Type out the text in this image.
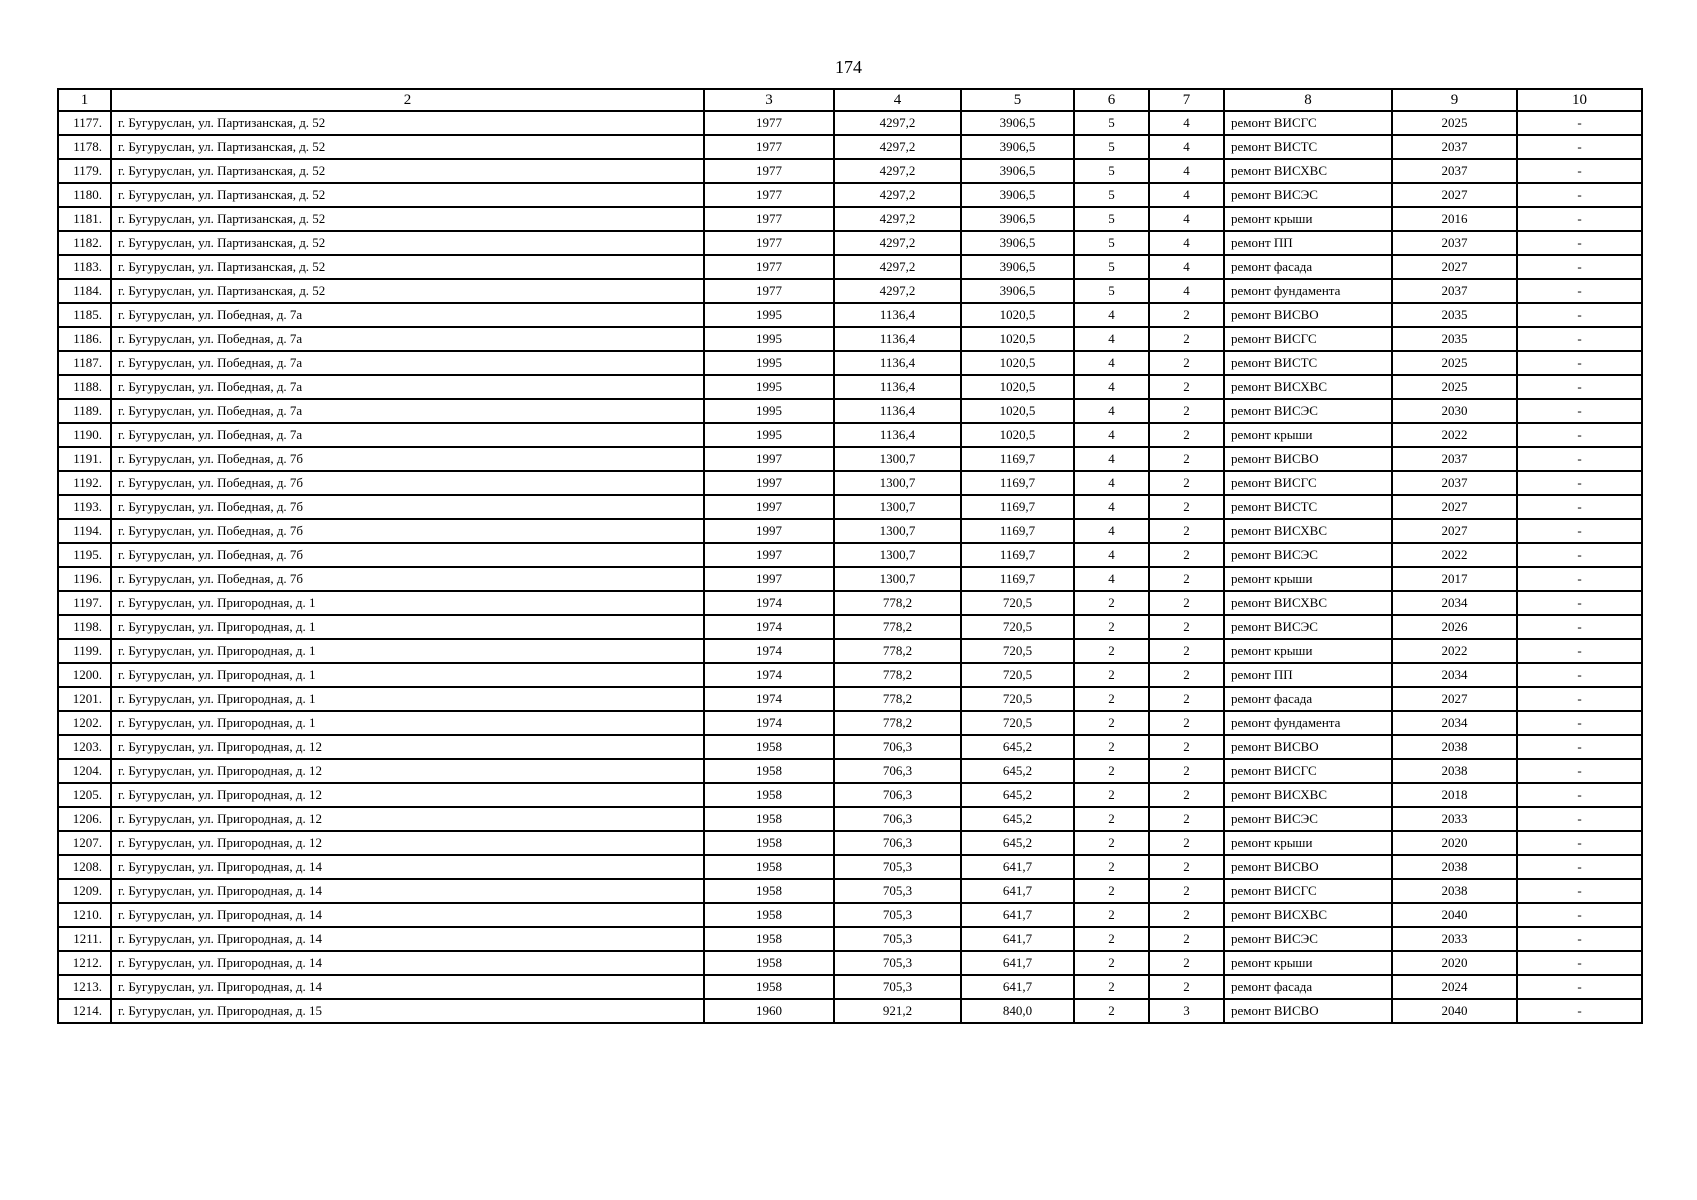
174
1	2	3	4	5	6	7	8	9	10
1177.	г. Бугуруслан, ул. Партизанская, д. 52	1977	4297,2	3906,5	5	4	ремонт ВИСГС	2025	-
1178.	г. Бугуруслан, ул. Партизанская, д. 52	1977	4297,2	3906,5	5	4	ремонт ВИСТС	2037	-
1179.	г. Бугуруслан, ул. Партизанская, д. 52	1977	4297,2	3906,5	5	4	ремонт ВИСХВС	2037	-
1180.	г. Бугуруслан, ул. Партизанская, д. 52	1977	4297,2	3906,5	5	4	ремонт ВИСЭС	2027	-
1181.	г. Бугуруслан, ул. Партизанская, д. 52	1977	4297,2	3906,5	5	4	ремонт крыши	2016	-
1182.	г. Бугуруслан, ул. Партизанская, д. 52	1977	4297,2	3906,5	5	4	ремонт ПП	2037	-
1183.	г. Бугуруслан, ул. Партизанская, д. 52	1977	4297,2	3906,5	5	4	ремонт фасада	2027	-
1184.	г. Бугуруслан, ул. Партизанская, д. 52	1977	4297,2	3906,5	5	4	ремонт фундамента	2037	-
1185.	г. Бугуруслан, ул. Победная, д. 7а	1995	1136,4	1020,5	4	2	ремонт ВИСВО	2035	-
1186.	г. Бугуруслан, ул. Победная, д. 7а	1995	1136,4	1020,5	4	2	ремонт ВИСГС	2035	-
1187.	г. Бугуруслан, ул. Победная, д. 7а	1995	1136,4	1020,5	4	2	ремонт ВИСТС	2025	-
1188.	г. Бугуруслан, ул. Победная, д. 7а	1995	1136,4	1020,5	4	2	ремонт ВИСХВС	2025	-
1189.	г. Бугуруслан, ул. Победная, д. 7а	1995	1136,4	1020,5	4	2	ремонт ВИСЭС	2030	-
1190.	г. Бугуруслан, ул. Победная, д. 7а	1995	1136,4	1020,5	4	2	ремонт крыши	2022	-
1191.	г. Бугуруслан, ул. Победная, д. 7б	1997	1300,7	1169,7	4	2	ремонт ВИСВО	2037	-
1192.	г. Бугуруслан, ул. Победная, д. 7б	1997	1300,7	1169,7	4	2	ремонт ВИСГС	2037	-
1193.	г. Бугуруслан, ул. Победная, д. 7б	1997	1300,7	1169,7	4	2	ремонт ВИСТС	2027	-
1194.	г. Бугуруслан, ул. Победная, д. 7б	1997	1300,7	1169,7	4	2	ремонт ВИСХВС	2027	-
1195.	г. Бугуруслан, ул. Победная, д. 7б	1997	1300,7	1169,7	4	2	ремонт ВИСЭС	2022	-
1196.	г. Бугуруслан, ул. Победная, д. 7б	1997	1300,7	1169,7	4	2	ремонт крыши	2017	-
1197.	г. Бугуруслан, ул. Пригородная, д. 1	1974	778,2	720,5	2	2	ремонт ВИСХВС	2034	-
1198.	г. Бугуруслан, ул. Пригородная, д. 1	1974	778,2	720,5	2	2	ремонт ВИСЭС	2026	-
1199.	г. Бугуруслан, ул. Пригородная, д. 1	1974	778,2	720,5	2	2	ремонт крыши	2022	-
1200.	г. Бугуруслан, ул. Пригородная, д. 1	1974	778,2	720,5	2	2	ремонт ПП	2034	-
1201.	г. Бугуруслан, ул. Пригородная, д. 1	1974	778,2	720,5	2	2	ремонт фасада	2027	-
1202.	г. Бугуруслан, ул. Пригородная, д. 1	1974	778,2	720,5	2	2	ремонт фундамента	2034	-
1203.	г. Бугуруслан, ул. Пригородная, д. 12	1958	706,3	645,2	2	2	ремонт ВИСВО	2038	-
1204.	г. Бугуруслан, ул. Пригородная, д. 12	1958	706,3	645,2	2	2	ремонт ВИСГС	2038	-
1205.	г. Бугуруслан, ул. Пригородная, д. 12	1958	706,3	645,2	2	2	ремонт ВИСХВС	2018	-
1206.	г. Бугуруслан, ул. Пригородная, д. 12	1958	706,3	645,2	2	2	ремонт ВИСЭС	2033	-
1207.	г. Бугуруслан, ул. Пригородная, д. 12	1958	706,3	645,2	2	2	ремонт крыши	2020	-
1208.	г. Бугуруслан, ул. Пригородная, д. 14	1958	705,3	641,7	2	2	ремонт ВИСВО	2038	-
1209.	г. Бугуруслан, ул. Пригородная, д. 14	1958	705,3	641,7	2	2	ремонт ВИСГС	2038	-
1210.	г. Бугуруслан, ул. Пригородная, д. 14	1958	705,3	641,7	2	2	ремонт ВИСХВС	2040	-
1211.	г. Бугуруслан, ул. Пригородная, д. 14	1958	705,3	641,7	2	2	ремонт ВИСЭС	2033	-
1212.	г. Бугуруслан, ул. Пригородная, д. 14	1958	705,3	641,7	2	2	ремонт крыши	2020	-
1213.	г. Бугуруслан, ул. Пригородная, д. 14	1958	705,3	641,7	2	2	ремонт фасада	2024	-
1214.	г. Бугуруслан, ул. Пригородная, д. 15	1960	921,2	840,0	2	3	ремонт ВИСВО	2040	-
